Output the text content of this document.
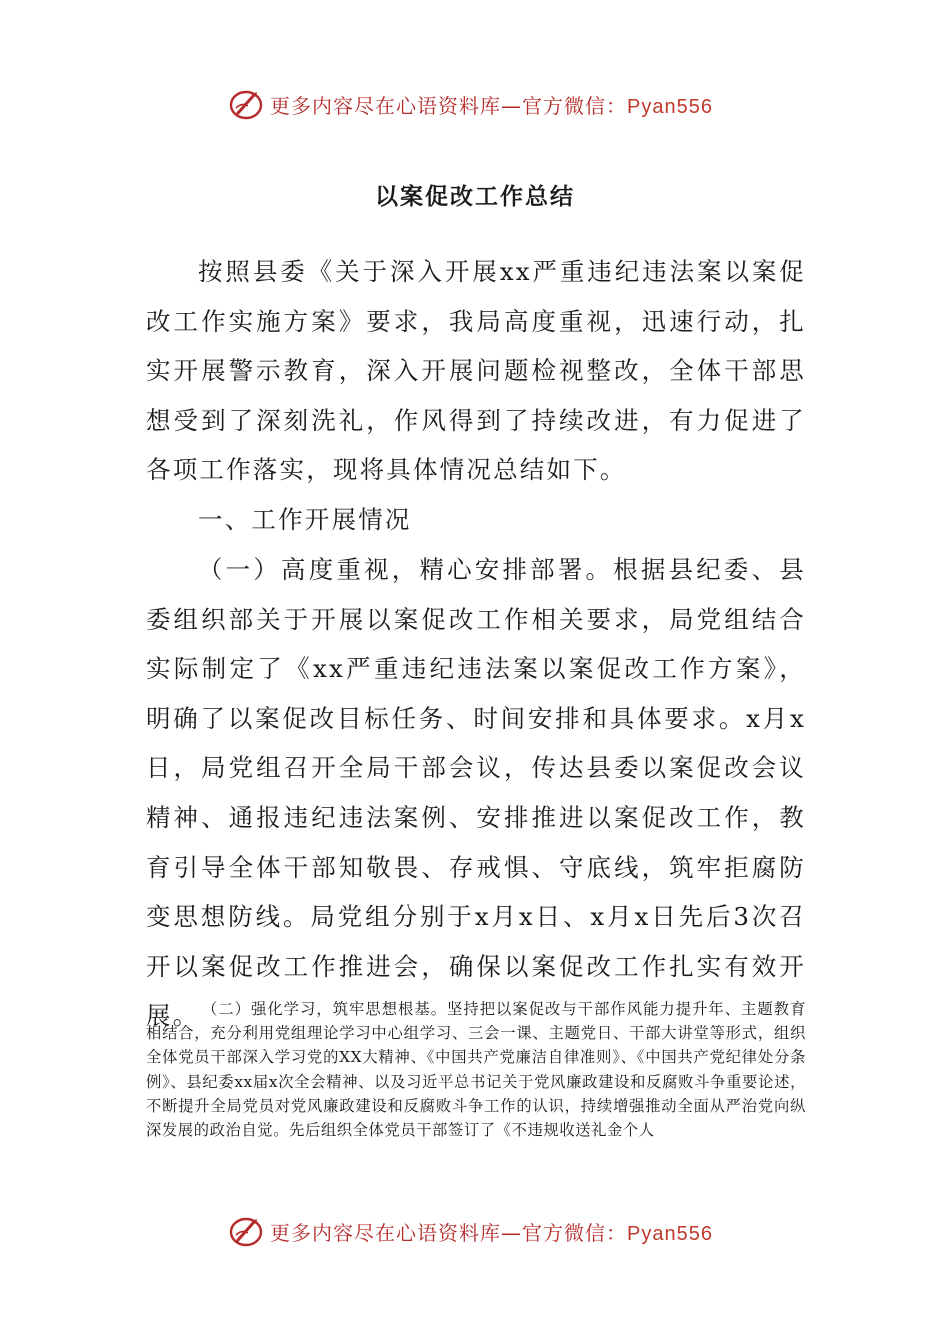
更多内容尽在心语资料库—官方微信：Pyan556
以案促改工作总结

按照县委《关于深入开展xx严重违纪违法案以案促改工作实施方案》要求，我局高度重视，迅速行动，扎实开展警示教育，深入开展问题检视整改，全体干部思想受到了深刻洗礼，作风得到了持续改进，有力促进了各项工作落实，现将具体情况总结如下。

一、工作开展情况

（一）高度重视，精心安排部署。根据县纪委、县委组织部关于开展以案促改工作相关要求，局党组结合实际制定了《xx严重违纪违法案以案促改工作方案》，明确了以案促改目标任务、时间安排和具体要求。x月x日，局党组召开全局干部会议，传达县委以案促改会议精神、通报违纪违法案例、安排推进以案促改工作，教育引导全体干部知敬畏、存戒惧、守底线，筑牢拒腐防变思想防线。局党组分别于x月x日、x月x日先后3次召开以案促改工作推进会，确保以案促改工作扎实有效开展。 （二）强化学习，筑牢思想根基。坚持把以案促改与干部作风能力提升年、主题教育相结合，充分利用党组理论学习中心组学习、三会一课、主题党日、干部大讲堂等形式，组织全体党员干部深入学习党的XX大精神、《中国共产党廉洁自律准则》、《中国共产党纪律处分条例》、县纪委xx届x次全会精神、以及习近平总书记关于党风廉政建设和反腐败斗争重要论述，不断提升全局党员对党风廉政建设和反腐败斗争工作的认识，持续增强推动全面从严治党向纵深发展的政治自觉。先后组织全体党员干部签订了《不违规收送礼金个人

更多内容尽在心语资料库—官方微信：Pyan556
